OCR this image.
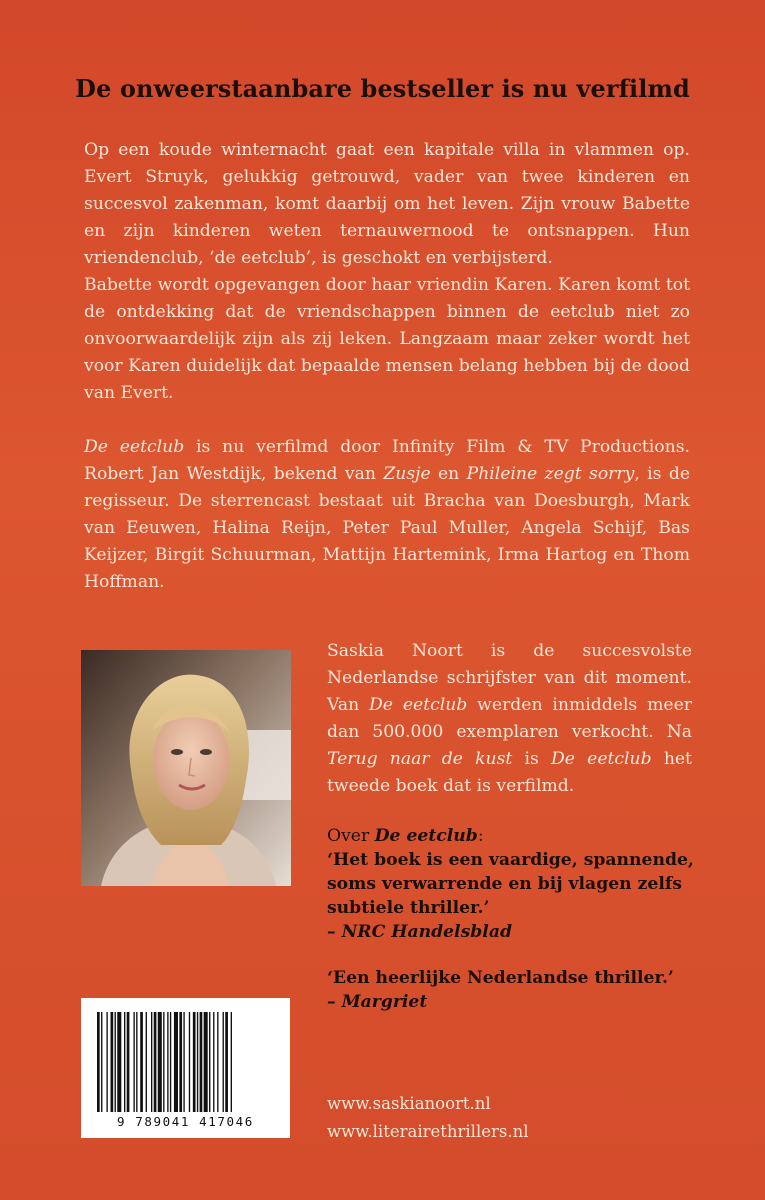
De onweerstaanbare bestseller is nu verfilmd

Op een koude winternacht gaat een kapitale villa in vlammen op. Evert Struyk, gelukkig getrouwd, vader van twee kinderen en succesvol zakenman, komt daarbij om het leven. Zijn vrouw Babette en zijn kinderen weten ternauwernood te ontsnappen. Hun vriendenclub, ‘de eetclub’, is geschokt en verbijsterd.

Babette wordt opgevangen door haar vriendin Karen. Karen komt tot de ontdekking dat de vriendschappen binnen de eetclub niet zo onvoorwaardelijk zijn als zij leken. Langzaam maar zeker wordt het voor Karen duidelijk dat bepaalde mensen belang hebben bij de dood van Evert.

De eetclub is nu verfilmd door Infinity Film & TV Productions. Robert Jan Westdijk, bekend van Zusje en Phileine zegt sorry, is de regisseur. De sterrencast bestaat uit Bracha van Doesburgh, Mark van Eeuwen, Halina Reijn, Peter Paul Muller, Angela Schijf, Bas Keijzer, Birgit Schuurman, Mattijn Hartemink, Irma Hartog en Thom Hoffman.

Saskia Noort is de succesvolste Nederlandse schrijfster van dit moment. Van De eetclub werden inmiddels meer dan 500.000 exemplaren verkocht. Na Terug naar de kust is De eetclub het tweede boek dat is verfilmd.

Over De eetclub:

‘Het boek is een vaardige, spannende, soms verwarrende en bij vlagen zelfs subtiele thriller.’

– NRC Handelsblad

‘Een heerlijke Nederlandse thriller.’

– Margriet

9 789041 417046
www.saskianoort.nl
www.literairethrillers.nl
